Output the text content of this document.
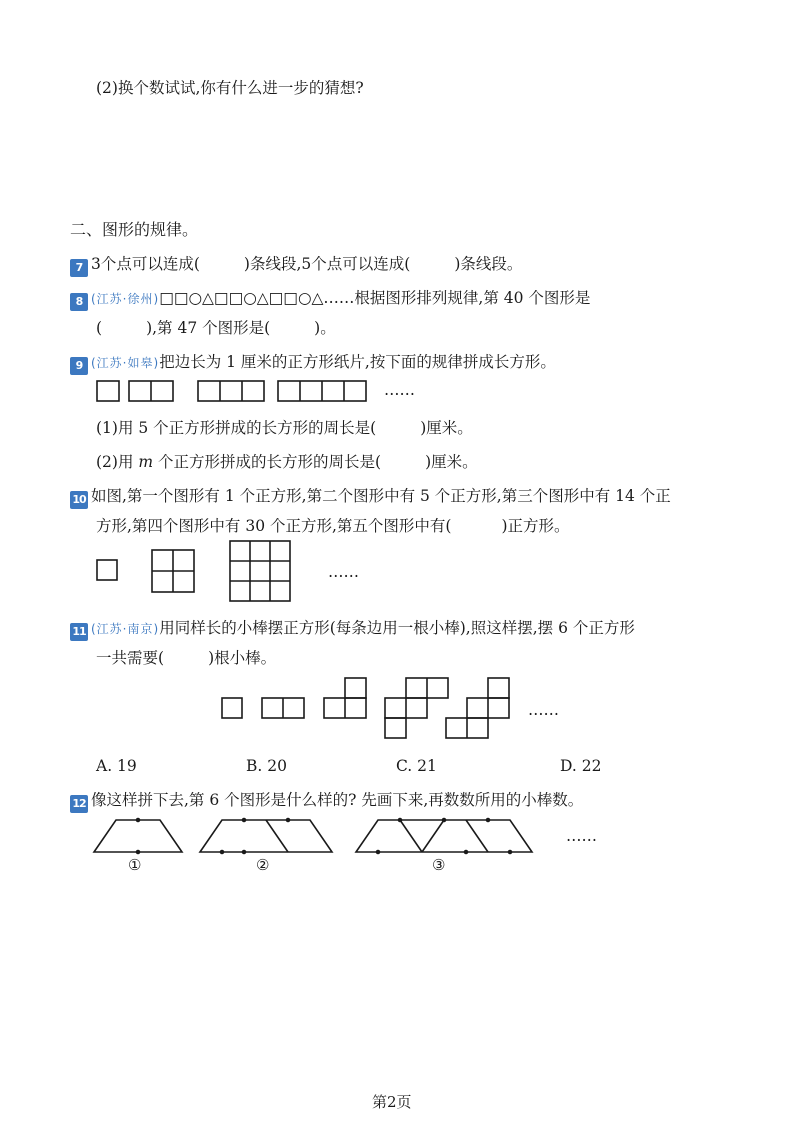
(2)换个数试试,你有什么进一步的猜想?
二、图形的规律。
7 3个点可以连成(	)条线段,5个点可以连成(	)条线段。
8 (江苏·徐州)□□○△□□○△□□○△……根据图形排列规律,第 40 个图形是
(	),第 47 个图形是(	)。
9 (江苏·如皋)把边长为 1 厘米的正方形纸片,按下面的规律拼成长方形。
……
(1)用 5 个正方形拼成的长方形的周长是(	)厘米。
(2)用 m 个正方形拼成的长方形的周长是(	)厘米。
10 如图,第一个图形有 1 个正方形,第二个图形中有 5 个正方形,第三个图形中有 14 个正
方形,第四个图形中有 30 个正方形,第五个图形中有(	)正方形。
……
11 (江苏·南京)用同样长的小棒摆正方形(每条边用一根小棒),照这样摆,摆 6 个正方形
一共需要(	)根小棒。
……
A. 19	B. 20	C. 21	D. 22
12 像这样拼下去,第 6 个图形是什么样的? 先画下来,再数数所用的小棒数。
①	②	③
……
第2页
